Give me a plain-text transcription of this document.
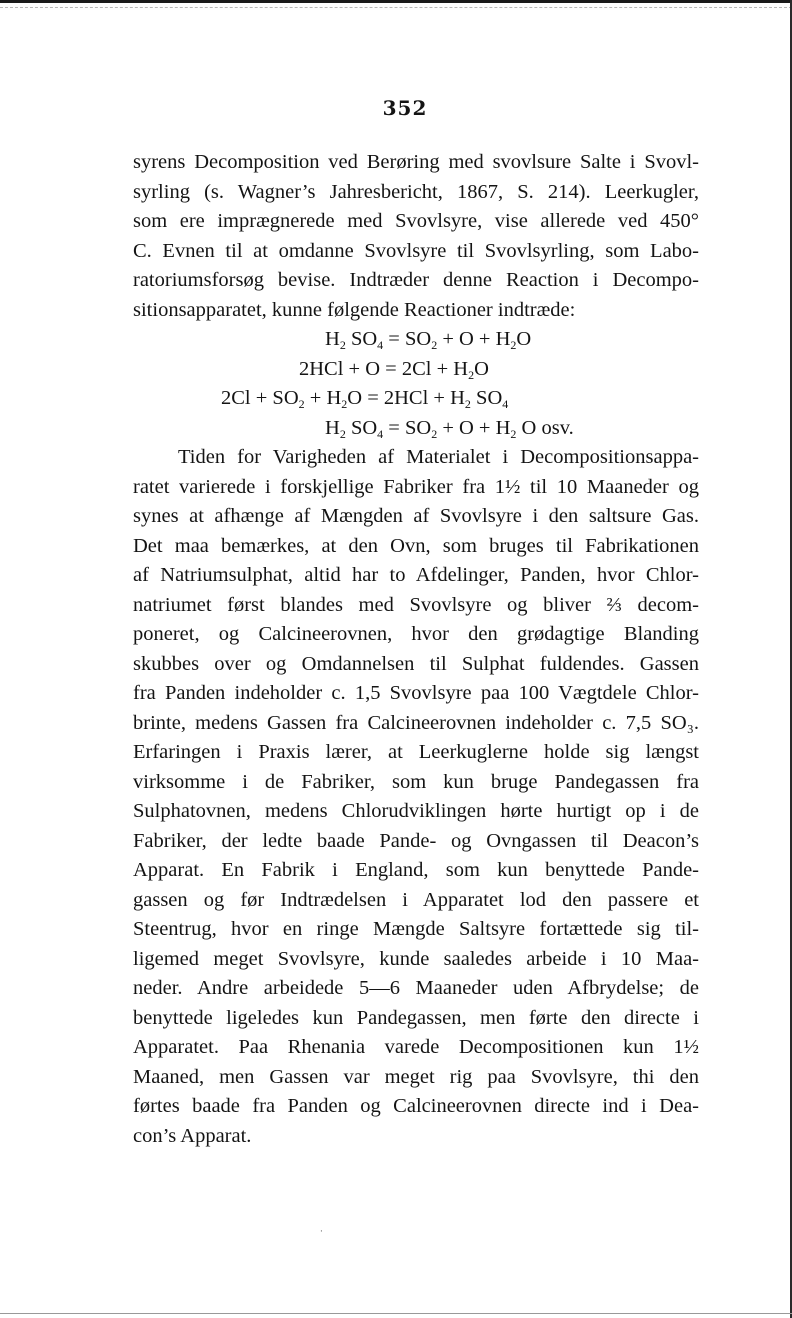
352
syrens Decomposition ved Berøring med svovlsure Salte i Svovl-
syrling (s. Wagner’s Jahresbericht, 1867, S. 214). Leerkugler,
som ere imprægnerede med Svovlsyre, vise allerede ved 450°
C. Evnen til at omdanne Svovlsyre til Svovlsyrling, som Labo-
ratoriumsforsøg bevise. Indtræder denne Reaction i Decompo-
sitionsapparatet, kunne følgende Reactioner indtræde:
$H_2$ $SO_4 = SO_2 + O + H_2O$
$2HCl + O = 2Cl + H_2O$
$2Cl + SO_2 + H_2O = 2HCl + H_2$ $SO_4$
$H_2$ $SO_4 = SO_2 + O + H_2$ O osv.
Tiden for Varigheden af Materialet i Decompositionsappa-
ratet varierede i forskjellige Fabriker fra 1½ til 10 Maaneder og
synes at afhænge af Mængden af Svovlsyre i den saltsure Gas.
Det maa bemærkes, at den Ovn, som bruges til Fabrikationen
af Natriumsulphat, altid har to Afdelinger, Panden, hvor Chlor-
natriumet først blandes med Svovlsyre og bliver ⅔ decom-
poneret, og Calcineerovnen, hvor den grødagtige Blanding
skubbes over og Omdannelsen til Sulphat fuldendes. Gassen
fra Panden indeholder c. 1,5 Svovlsyre paa 100 Vægtdele Chlor-
brinte, medens Gassen fra Calcineerovnen indeholder c. 7,5 SO₃.
Erfaringen i Praxis lærer, at Leerkuglerne holde sig længst
virksomme i de Fabriker, som kun bruge Pandegassen fra
Sulphatovnen, medens Chlorudviklingen hørte hurtigt op i de
Fabriker, der ledte baade Pande- og Ovngassen til Deacon’s
Apparat. En Fabrik i England, som kun benyttede Pande-
gassen og før Indtrædelsen i Apparatet lod den passere et
Steentrug, hvor en ringe Mængde Saltsyre fortættede sig til-
ligemed meget Svovlsyre, kunde saaledes arbeide i 10 Maa-
neder. Andre arbeidede 5—6 Maaneder uden Afbrydelse; de
benyttede ligeledes kun Pandegassen, men førte den directe i
Apparatet. Paa Rhenania varede Decompositionen kun 1½
Maaned, men Gassen var meget rig paa Svovlsyre, thi den
førtes baade fra Panden og Calcineerovnen directe ind i Dea-
con’s Apparat.
·
